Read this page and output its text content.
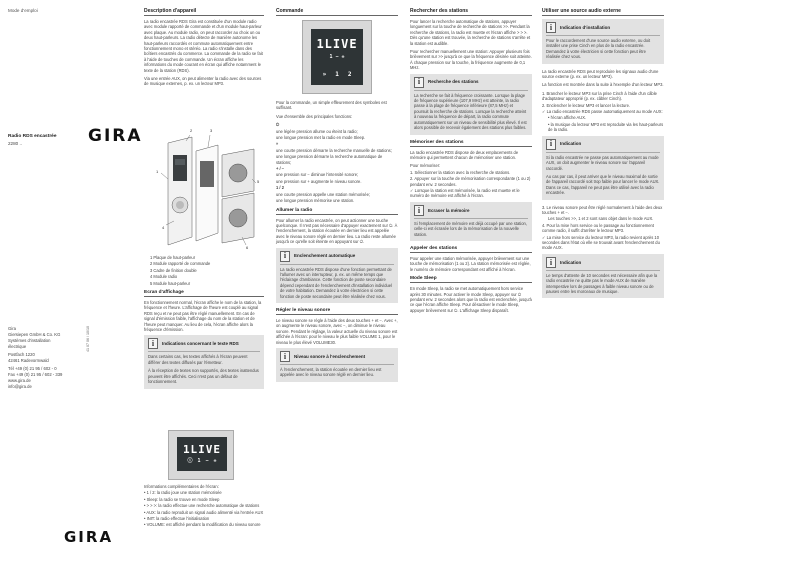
Mode d'emploi
Radio RDS encastrée
2280 ..
Gira
Giersiepen GmbH & Co. KG
Systèmes d'installation
électrique
Postfach 1220
42461 Radevormwald
Tél +49 (0) 21 95 / 602 - 0
Fax +49 (0) 21 95 / 602 - 339
www.gira.de
info@gira.de
GIRA
41 07 06 / 10/10
Description d'appareil

La radio encastrée RDS Gira est constituée d'un module radio avec module rapporté de commande et d'un module haut-parleur avec plaque. Au module radio, on peut raccorder au choix un ou deux haut-parleurs. La radio détecte de manière autonome les haut-parleurs raccordés et commute automatiquement entre fonctionnement mono et stéréo. La radio s'installe dans des boîtiers encastrés du commerce. La commande de la radio se fait à l'aide de touches de commande. Un écran affiche les informations du mode courant en écran qui affiche notamment le texte de la station (RDS).

Via une entrée AUX, on peut alimenter la radio avec des sources de musique externes, p. ex. un lecteur MP3.

1
2	3
4
5
6
1 Plaque de haut-parleur
2 Module rapporté de commande
3 Cadre de finition double
4 Module radio
5 Module haut-parleur
Ecran d'affichage

En fonctionnement normal, l'écran affiche le nom de la station, la fréquence et l'heure. L'affichage de l'heure est couplé au signal RDS reçu et ne peut pas être réglé manuellement. En cas de signal d'émission faible, l'affichage du nom de la station et de l'heure peut manquer. Au lieu de cela, l'écran affiche alors la fréquence d'émission.

i	Indications concernant le texte RDS

Dans certains cas, les textes affichés à l'écran peuvent différer des textes diffusés par l'émetteur.

À la réception de textes non supportés, des textes inattendus peuvent être affichés. Ceci n'est pas un défaut de fonctionnement.

1LIVE
ⓘ 1 − +

Informations complémentaires de l'écran:

• 1 / 2: la radio joue une station mémorisée
• Sleep: la radio se trouve en mode Sleep
• > > >: la radio effectue une recherche automatique de stations
• AUX: la radio reproduit un signal audio alimenté via l'entrée AUX
• INIT: la radio effectue l'initialisation
• VOLUME: est affiché pendant la modification du niveau sonore
GIRA
Commande
1LIVE
1 − +
» 1 2

Pour la commande, un simple effleurement des symboles est suffisant.

Vue d'ensemble des principales fonctions:

⏻
une légère pression allume ou éteint la radio;
une longue pression met la radio en mode Sleep.
»
une courte pression démarre la recherche manuelle de stations;
une longue pression démarre la recherche automatique de stations;
+ / −
une pression sur − diminue l'intensité sonore;
une pression sur + augmente le niveau sonore.
1 / 2
une courte pression appelle une station mémorisée;
une longue pression mémorise une station.
Allumer la radio

Pour allumer la radio encastrée, on peut actionner une touche quelconque. Il n'est pas nécessaire d'appuyer exactement sur ⏻. À l'enclenchement, la station écoutée en dernier lieu est appelée avec le niveau sonore réglé en dernier lieu. La radio reste allumée jusqu'à ce qu'elle soit éteinte en appuyant sur ⏻.

i	Enclenchement automatique

La radio encastrée RDS dispose d'une fonction permettant de l'allumer avec un interrupteur, p. ex. un même temps que l'éclairage d'ambiance. Cette fonction de poste secondaire dépend cependant de l'enclenchement d'installation individuel de votre habitation. Demandez à votre électricien si cette fonction de poste secondaire peut être réalisée chez vous.

Régler le niveau sonore

Le niveau sonore se règle à l'aide des deux touches + et −. Avec +, on augmente le niveau sonore, avec −, on diminue le niveau sonore. Pendant le réglage, la valeur actuelle du niveau sonore est affichée à l'écran: pour le niveau le plus faible VOLUME 1, pour le niveau le plus élevé VOLUME30.

i	Niveau sonore à l'enclenchement

À l'enclenchement, la station écoutée en dernier lieu est appelée avec le niveau sonore réglé en dernier lieu.

Rechercher des stations

Pour lancer la recherche automatique de stations, appuyer longuement sur la touche de recherche de stations >>. Pendant la recherche de stations, la radio est muette et l'écran affiche > > >. Dès qu'une station est trouvée, la recherche de stations s'arrête et la station est audible.

Pour rechercher manuellement une station: Appuyer plusieurs fois brièvement sur >> jusqu'à ce que la fréquence désirée soit atteinte. À chaque pression sur la touche, la fréquence augmente de 0,1 MHz.

i	Recherche des stations

La recherche se fait à fréquence croissante. Lorsque la plage de fréquence supérieure (107,9 MHz) est atteinte, la radio passe à la plage de fréquence inférieure (87,5 MHz) et poursuit la recherche de stations. Lorsque la recherche atteint à nouveau la fréquence de départ, la radio commute automatiquement sur un niveau de sensibilité plus élevé. Il est alors possible de recevoir également des stations plus faibles.

Mémoriser des stations

La radio encastrée RDS dispose de deux emplacements de mémoire qui permettent chacun de mémoriser une station.

Pour mémoriser:

1. Sélectionner la station avec la recherche de stations.
2. Appuyer sur la touche de mémorisation correspondante (1 ou 2) pendant env. 2 secondes.
✓ Lorsque la station est mémorisée, la radio est muette et le numéro de mémoire est affiché à l'écran.
i	Ecraser la mémoire

Si l'emplacement de mémoire est déjà occupé par une station, celle-ci est écrasée lors de la mémorisation de la nouvelle station.

Appeler des stations

Pour appeler une station mémorisée, appuyer brièvement sur une touche de mémorisation (1 ou 2). La station mémorisée est réglée, le numéro de mémoire correspondant est affiché à l'écran.

Mode Sleep

En mode Sleep, la radio se met automatiquement hors service après 30 minutes. Pour activer le mode Sleep, appuyer sur ⏻ pendant env. 2 secondes alors que la radio est enclenchée, jusqu'à ce que l'écran affiche Sleep. Pour désactiver le mode Sleep, appuyer brièvement sur ⏻. L'affichage Sleep disparaît.

Utiliser une source audio externe
i	Indication d'installation

Pour le raccordement d'une source audio externe, ou doit installer une prise Cinch en plus de la radio encastrée. Demandez à votre électricien si cette fonction peut être réalisée chez vous.

La radio encastrée RDS peut reproduire les signaux audio d'une source externe (p. ex. un lecteur MP3).

La fonction est montrée dans la suite à l'exemple d'un lecteur MP3.

1. Brancher le lecteur MP3 sur la prise Cinch à l'aide d'un câble d'adaptateur approprié (p. ex. câbler Cinch).
2. Enclencher le lecteur MP3 et lancer la lecture.
✓ La radio encastrée RDS passe automatiquement au mode AUX:
• l'écran affiche AUX.
• la musique du lecteur MP3 est reproduite via les haut-parleurs de la radio.
i	Indication

Si la radio encastrée ne passe pas automatiquement au mode AUX, on doit augmenter le niveau sonore sur l'appareil raccordé.

Au cas par cas, il peut arriver que le niveau maximal de sortie de l'appareil raccordé soit trop faible pour lancer le mode AUX. Dans ce cas, l'appareil ne peut pas être utilisé avec la radio encastrée.

3. Le niveau sonore peut être réglé normalement à l'aide des deux touches + et −.
Les touches >>, 1 et 2 sont sans objet dans le mode AUX.
4. Pour la mise hors service ou le passage au fonctionnement comme radio, il suffit d'arrêter le lecteur MP3.
✓ La mise hors service du lecteur MP3, la radio revient après 10 secondes dans l'état où elle se trouvait avant l'enclenchement du mode AUX.
i	Indication

Le temps d'attente de 10 secondes est nécessaire afin que la radio encastrée ne quitte pas le mode AUX de manière intempestive lors de passages à faible niveau sonore ou de pauses entre les morceaux de musique.
